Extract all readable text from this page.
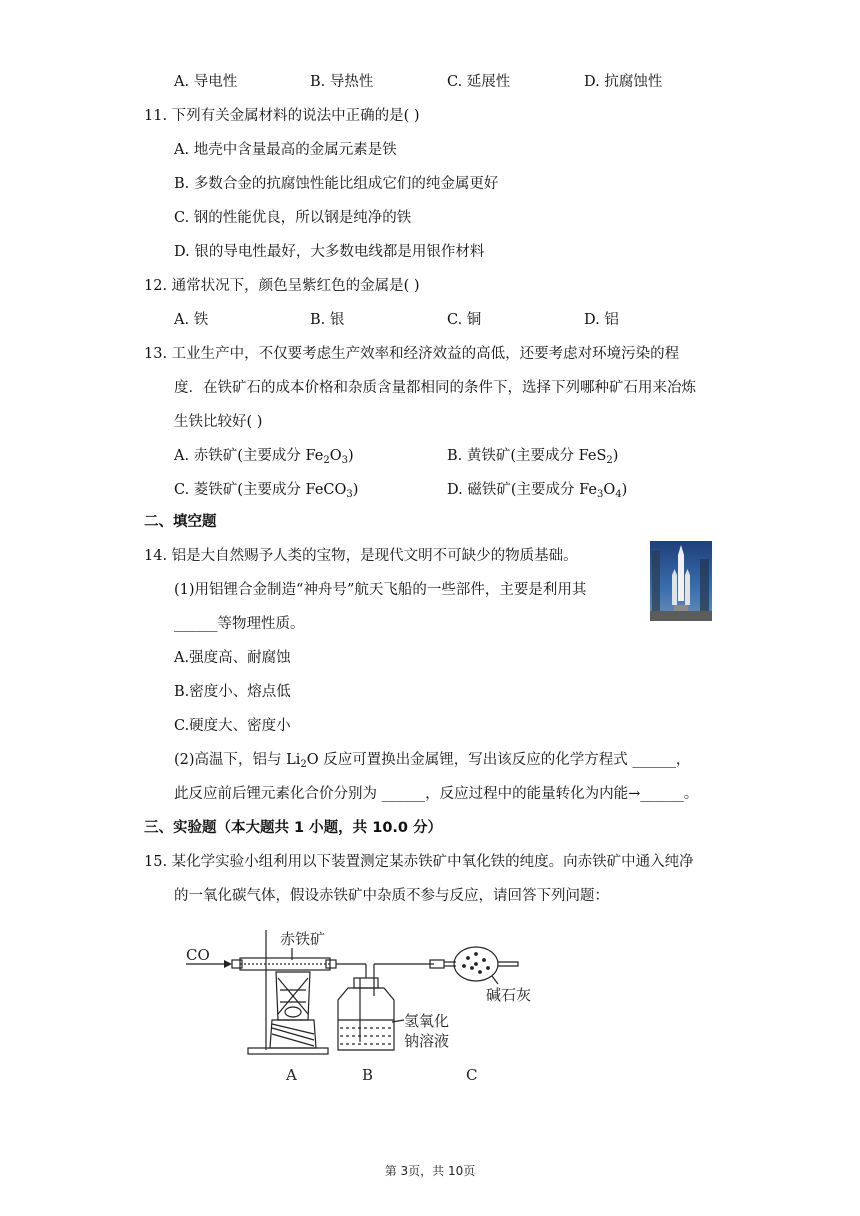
A. 导电性	B. 导热性	C. 延展性	D. 抗腐蚀性
11. 下列有关金属材料的说法中正确的是( )
A. 地壳中含量最高的金属元素是铁
B. 多数合金的抗腐蚀性能比组成它们的纯金属更好
C. 钢的性能优良，所以钢是纯净的铁
D. 银的导电性最好，大多数电线都是用银作材料
12. 通常状况下，颜色呈紫红色的金属是( )
A. 铁	B. 银	C. 铜	D. 铝
13. 工业生产中，不仅要考虑生产效率和经济效益的高低，还要考虑对环境污染的程
度．在铁矿石的成本价格和杂质含量都相同的条件下，选择下列哪种矿石用来冶炼
生铁比较好( )
A. 赤铁矿(主要成分 $Fe_2O_3$)	B. 黄铁矿(主要成分 FeS$_2$)
C. 菱铁矿(主要成分 FeCO$_3$)	D. 磁铁矿(主要成分 $Fe_3O_4$)
二、填空题
14. 铝是大自然赐予人类的宝物，是现代文明不可缺少的物质基础。
(1)用铝锂合金制造“神舟号”航天飞船的一些部件，主要是利用其
______等物理性质。
A.强度高、耐腐蚀
B.密度小、熔点低
C.硬度大、密度小
(2)高温下，铝与 $Li_2O$ 反应可置换出金属锂，写出该反应的化学方程式 ______，
此反应前后锂元素化合价分别为 ______，反应过程中的能量转化为内能→______。
三、实验题（本大题共 1 小题，共 10.0 分）
15. 某化学实验小组利用以下装置测定某赤铁矿中氧化铁的纯度。向赤铁矿中通入纯净
的一氧化碳气体，假设赤铁矿中杂质不参与反应，请回答下列问题：
CO
赤铁矿
氢氧化
钠溶液
碱石灰
A	B	C
第 3页，共 10页
